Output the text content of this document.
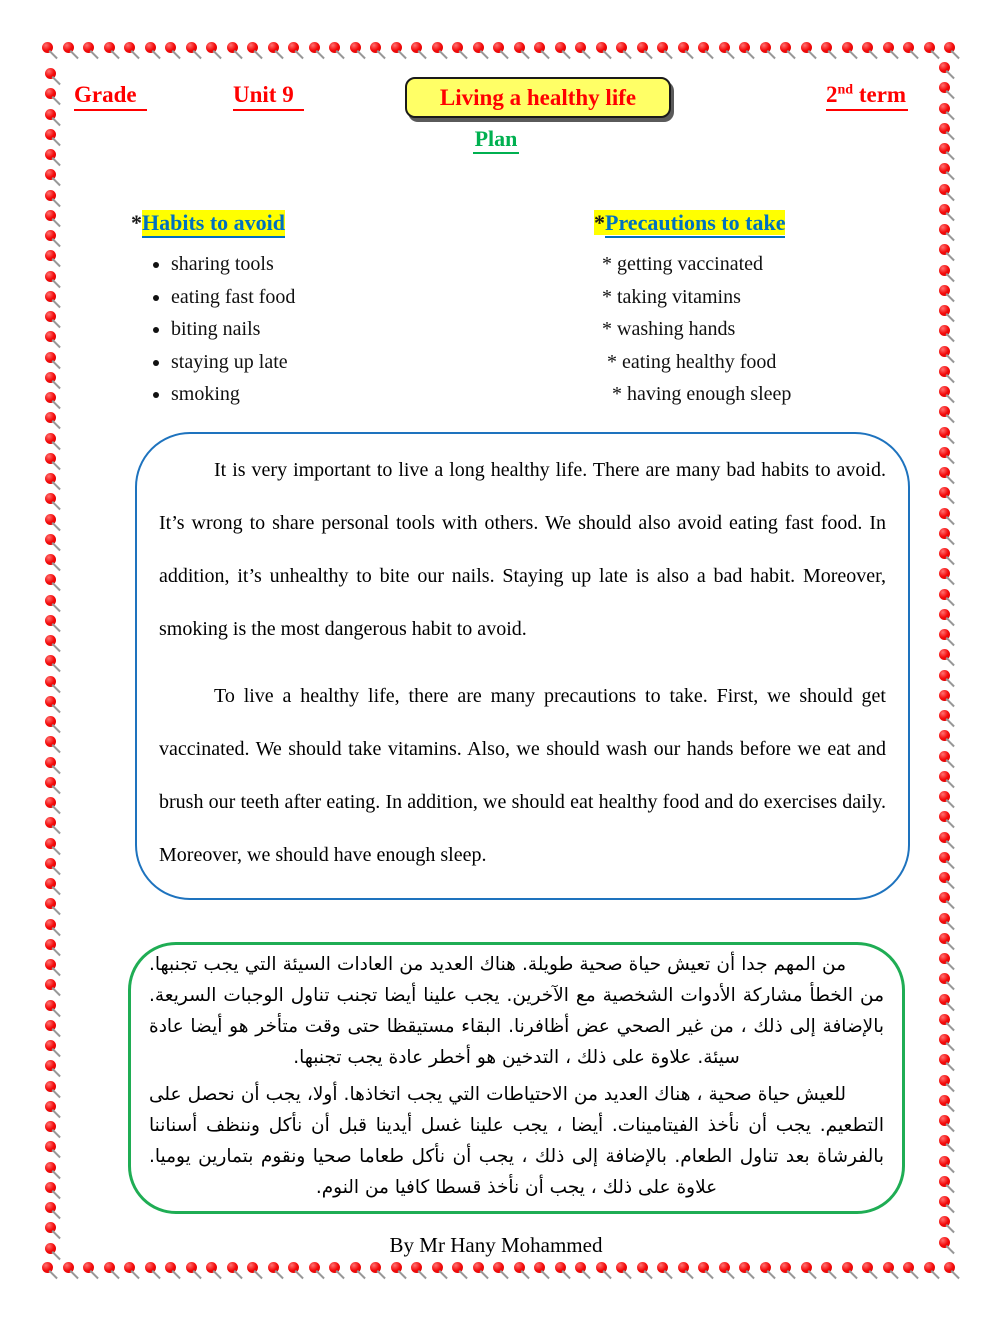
Grade	Unit 9	Living a healthy life	2nd term
Plan
*Habits to avoid
• sharing tools
• eating fast food
• biting nails
• staying up late
• smoking
*Precautions to take
* getting vaccinated
* taking vitamins
* washing hands
* eating healthy food
* having enough sleep

It is very important to live a long healthy life. There are many bad habits to avoid. It’s wrong to share personal tools with others. We should also avoid eating fast food. In addition, it’s unhealthy to bite our nails. Staying up late is also a bad habit. Moreover, smoking is the most dangerous habit to avoid.

To live a healthy life, there are many precautions to take. First, we should get vaccinated. We should take vitamins. Also, we should wash our hands before we eat and brush our teeth after eating. In addition, we should eat healthy food and do exercises daily. Moreover, we should have enough sleep.

من المهم جدا أن تعيش حياة صحية طويلة. هناك العديد من العادات السيئة التي يجب تجنبها. من الخطأ مشاركة الأدوات الشخصية مع الآخرين. يجب علينا أيضا تجنب تناول الوجبات السريعة. بالإضافة إلى ذلك ، من غير الصحي عض أظافرنا. البقاء مستيقظا حتى وقت متأخر هو أيضا عادة سيئة. علاوة على ذلك ، التدخين هو أخطر عادة يجب تجنبها.

للعيش حياة صحية ، هناك العديد من الاحتياطات التي يجب اتخاذها. أولا، يجب أن نحصل على التطعيم. يجب أن نأخذ الفيتامينات. أيضا ، يجب علينا غسل أيدينا قبل أن نأكل وننظف أسناننا بالفرشاة بعد تناول الطعام. بالإضافة إلى ذلك ، يجب أن نأكل طعاما صحيا ونقوم بتمارين يوميا. علاوة على ذلك ، يجب أن نأخذ قسطا كافيا من النوم.

By Mr Hany Mohammed
